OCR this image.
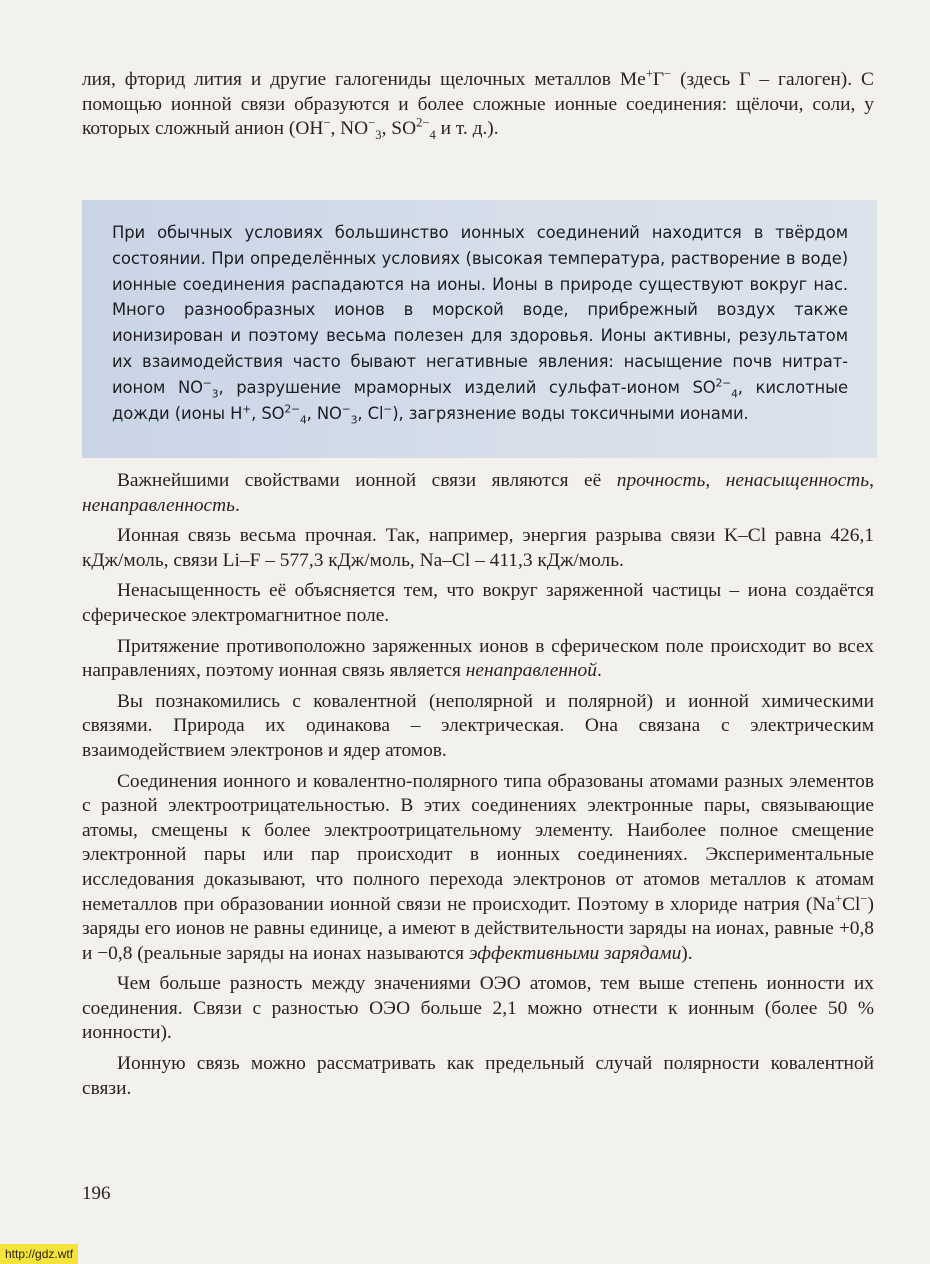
лия, фторид лития и другие галогениды щелочных металлов Me+Г− (здесь Г – галоген). С помощью ионной связи образуются и более сложные ионные соединения: щёлочи, соли, у которых сложный анион (OH−, $NO^-_3$, $SO^{2-}_4$ и т. д.).

При обычных условиях большинство ионных соединений находится в твёрдом состоянии. При определённых условиях (высокая температура, растворение в воде) ионные соединения распадаются на ионы. Ионы в природе существуют вокруг нас. Много разнообразных ионов в морской воде, прибрежный воздух также ионизирован и поэтому весьма полезен для здоровья. Ионы активны, результатом их взаимодействия часто бывают негативные явления: насыщение почв нитрат-ионом $NO^-_3$, разрушение мраморных изделий сульфат-ионом $SO^{2-}_4$, кислотные дожди (ионы H+, $SO^{2-}_4$, $NO^-_3$, Cl−), загрязнение воды токсичными ионами.

Важнейшими свойствами ионной связи являются её прочность, ненасыщенность, ненаправленность.

Ионная связь весьма прочная. Так, например, энергия разрыва связи K–Cl равна 426,1 кДж/моль, связи Li–F – 577,3 кДж/моль, Na–Cl – 411,3 кДж/моль.

Ненасыщенность её объясняется тем, что вокруг заряженной частицы – иона создаётся сферическое электромагнитное поле.

Притяжение противоположно заряженных ионов в сферическом поле происходит во всех направлениях, поэтому ионная связь является ненаправленной.

Вы познакомились с ковалентной (неполярной и полярной) и ионной химическими связями. Природа их одинакова – электрическая. Она связана с электрическим взаимодействием электронов и ядер атомов.

Соединения ионного и ковалентно-полярного типа образованы атомами разных элементов с разной электроотрицательностью. В этих соединениях электронные пары, связывающие атомы, смещены к более электроотрицательному элементу. Наиболее полное смещение электронной пары или пар происходит в ионных соединениях. Экспериментальные исследования доказывают, что полного перехода электронов от атомов металлов к атомам неметаллов при образовании ионной связи не происходит. Поэтому в хлориде натрия (Na+Cl−) заряды его ионов не равны единице, а имеют в действительности заряды на ионах, равные +0,8 и −0,8 (реальные заряды на ионах называются эффективными зарядами).

Чем больше разность между значениями ОЭО атомов, тем выше степень ионности их соединения. Связи с разностью ОЭО больше 2,1 можно отнести к ионным (более 50 % ионности).

Ионную связь можно рассматривать как предельный случай полярности ковалентной связи.

196
http://gdz.wtf
